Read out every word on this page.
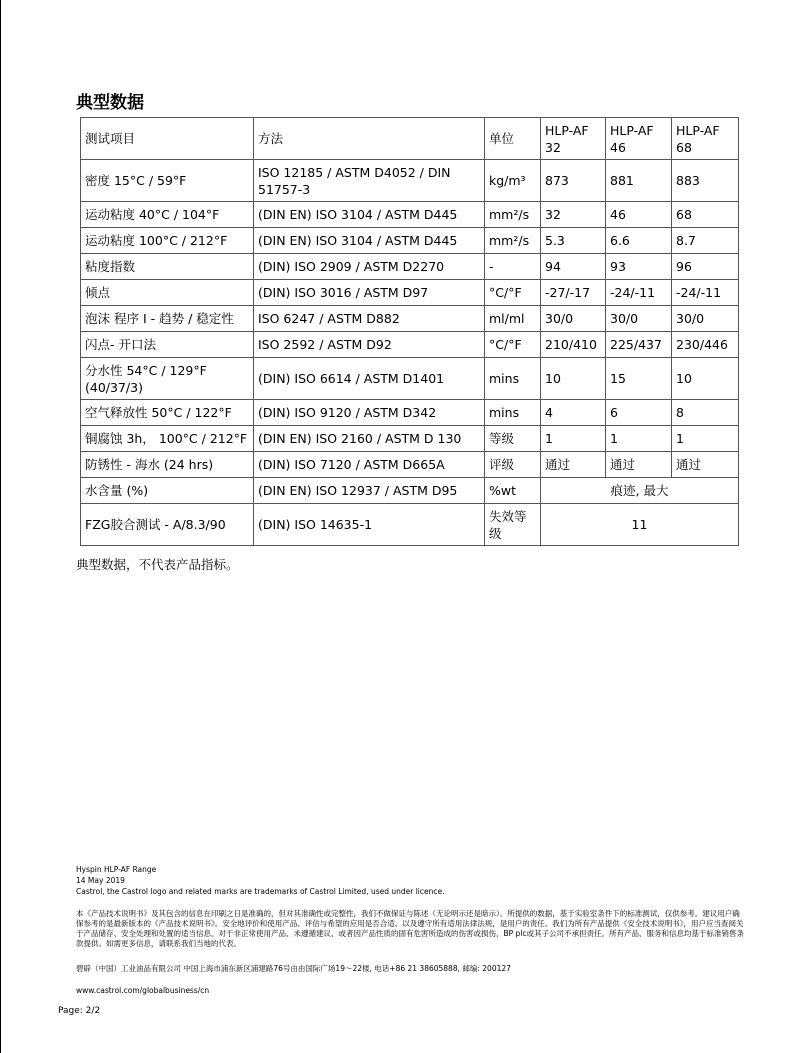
典型数据
测试项目	方法	单位	HLP-AF 32	HLP-AF 46	HLP-AF 68
密度 15°C / 59°F	ISO 12185 / ASTM D4052 / DIN 51757-3	kg/m³	873	881	883
运动粘度 40°C / 104°F	(DIN EN) ISO 3104 / ASTM D445	mm²/s	32	46	68
运动粘度 100°C / 212°F	(DIN EN) ISO 3104 / ASTM D445	mm²/s	5.3	6.6	8.7
粘度指数	(DIN) ISO 2909 / ASTM D2270	-	94	93	96
倾点	(DIN) ISO 3016 / ASTM D97	°C/°F	-27/-17	-24/-11	-24/-11
泡沫 程序 I - 趋势 / 稳定性	ISO 6247 / ASTM D882	ml/ml	30/0	30/0	30/0
闪点- 开口法	ISO 2592 / ASTM D92	°C/°F	210/410	225/437	230/446
分水性 54°C / 129°F (40/37/3)	(DIN) ISO 6614 / ASTM D1401	mins	10	15	10
空气释放性 50°C / 122°F	(DIN) ISO 9120 / ASTM D342	mins	4	6	8
铜腐蚀 3h， 100°C / 212°F	(DIN EN) ISO 2160 / ASTM D 130	等级	1	1	1
防锈性 - 海水 (24 hrs)	(DIN) ISO 7120 / ASTM D665A	评级	通过	通过	通过
水含量 (%)	(DIN EN) ISO 12937 / ASTM D95	%wt	痕迹, 最大		
FZG胶合测试 - A/8.3/90	(DIN) ISO 14635-1	失效等级	11		

典型数据，不代表产品指标。

Hyspin HLP-AF Range

14 May 2019

Castrol, the Castrol logo and related marks are trademarks of Castrol Limited, used under licence.

本《产品技术说明书》及其包含的信息在印刷之日是准确的，但对其准确性或完整性，我们不做保证与陈述（无论明示还是暗示）。所提供的数据，基于实验室条件下的标准测试，仅供参考。建议用户确保参考的是最新版本的《产品技术说明书》。安全地评价和使用产品、评估与希望的应用是否合适、以及遵守所有适用法律法规，是用户的责任。我们为所有产品提供《安全技术说明书》，用户应当查阅关于产品储存、安全处理和处置的适当信息。对于非正常使用产品、未遵循建议、或者因产品性质的固有危害所造成的伤害或损伤，BP plc或其子公司不承担责任。所有产品、服务和信息均基于标准销售条款提供。如需更多信息，请联系我们当地的代表。

碧辟（中国）工业油品有限公司 中国上海市浦东新区浦建路76号由由国际广场19～22楼, 电话+86 21 38605888, 邮编: 200127

www.castrol.com/globalbusiness/cn

Page: 2/2
